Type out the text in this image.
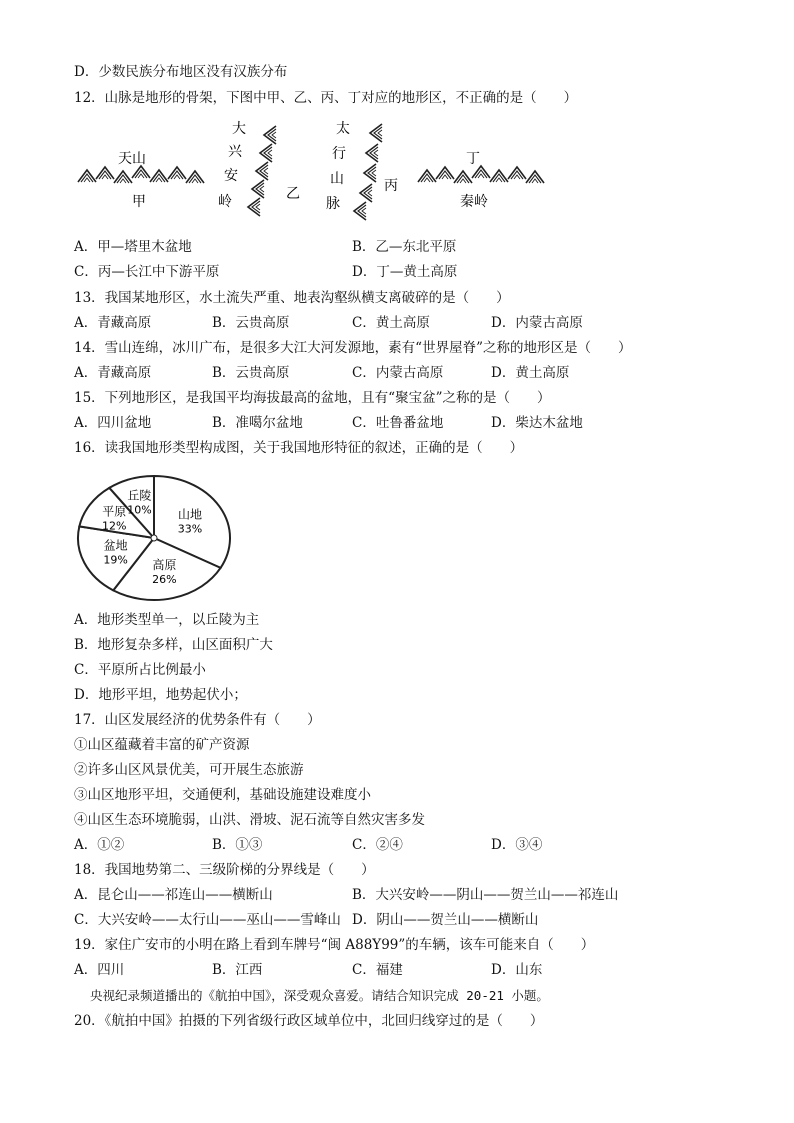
D．少数民族分布地区没有汉族分布
12．山脉是地形的骨架，下图中甲、乙、丙、丁对应的地形区，不正确的是（　　）
天山
甲
大
兴
安
岭	乙
太
行
山
脉
丙
丁
秦岭
A．甲—塔里木盆地	B．乙—东北平原
C．丙—长江中下游平原	D．丁—黄土高原
13．我国某地形区，水土流失严重、地表沟壑纵横支离破碎的是（　　）
A．青藏高原	B．云贵高原	C．黄土高原	D．内蒙古高原
14．雪山连绵，冰川广布，是很多大江大河发源地，素有“世界屋脊”之称的地形区是（　　）
A．青藏高原	B．云贵高原	C．内蒙古高原	D．黄土高原
15．下列地形区，是我国平均海拔最高的盆地，且有“聚宝盆”之称的是（　　）
A．四川盆地	B．准噶尔盆地	C．吐鲁番盆地	D．柴达木盆地
16．读我国地形类型构成图，关于我国地形特征的叙述，正确的是（　　）
山地
33%
高原
26%
盆地
19%
平原
12%
丘陵
10%
A．地形类型单一，以丘陵为主
B．地形复杂多样，山区面积广大
C．平原所占比例最小
D．地形平坦，地势起伏小；
17．山区发展经济的优势条件有（　　）
①山区蕴藏着丰富的矿产资源
②许多山区风景优美，可开展生态旅游
③山区地形平坦，交通便利，基础设施建设难度小
④山区生态环境脆弱，山洪、滑坡、泥石流等自然灾害多发
A．①②	B．①③	C．②④	D．③④
18．我国地势第二、三级阶梯的分界线是（　　）
A．昆仑山——祁连山——横断山	B．大兴安岭——阴山——贺兰山——祁连山
C．大兴安岭——太行山——巫山——雪峰山 D．阴山——贺兰山——横断山
19．家住广安市的小明在路上看到车牌号“闽 A88Y99”的车辆，该车可能来自（　　）
A．四川	B．江西	C．福建	D．山东
央视纪录频道播出的《航拍中国》，深受观众喜爱。请结合知识完成 20-21 小题。
20．《航拍中国》拍摄的下列省级行政区域单位中，北回归线穿过的是（　　）
